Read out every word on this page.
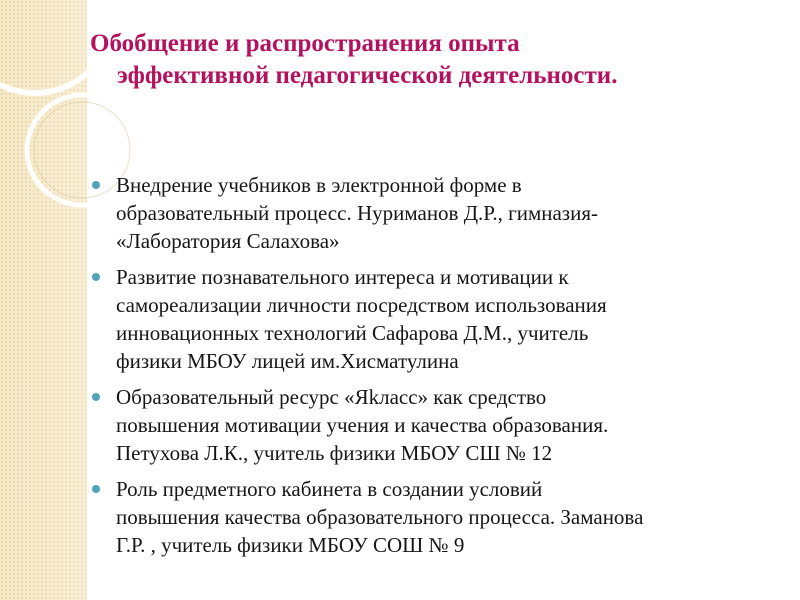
Обобщение и распространения опыта
эффективной педагогической деятельности.
Внедрение учебников в электронной форме в
образовательный процесс. Нуриманов Д.Р., гимназия-
«Лаборатория Салахова»
Развитие познавательного интереса и мотивации к
самореализации личности посредством использования
инновационных технологий Сафарова Д.М., учитель
физики МБОУ лицей им.Хисматулина
Образовательный ресурс «Яkласс» как средство
повышения мотивации учения и качества образования.
Петухова Л.К., учитель физики МБОУ СШ № 12
Роль предметного кабинета в создании условий
повышения качества образовательного процесса. Заманова
Г.Р. , учитель физики МБОУ СОШ № 9
